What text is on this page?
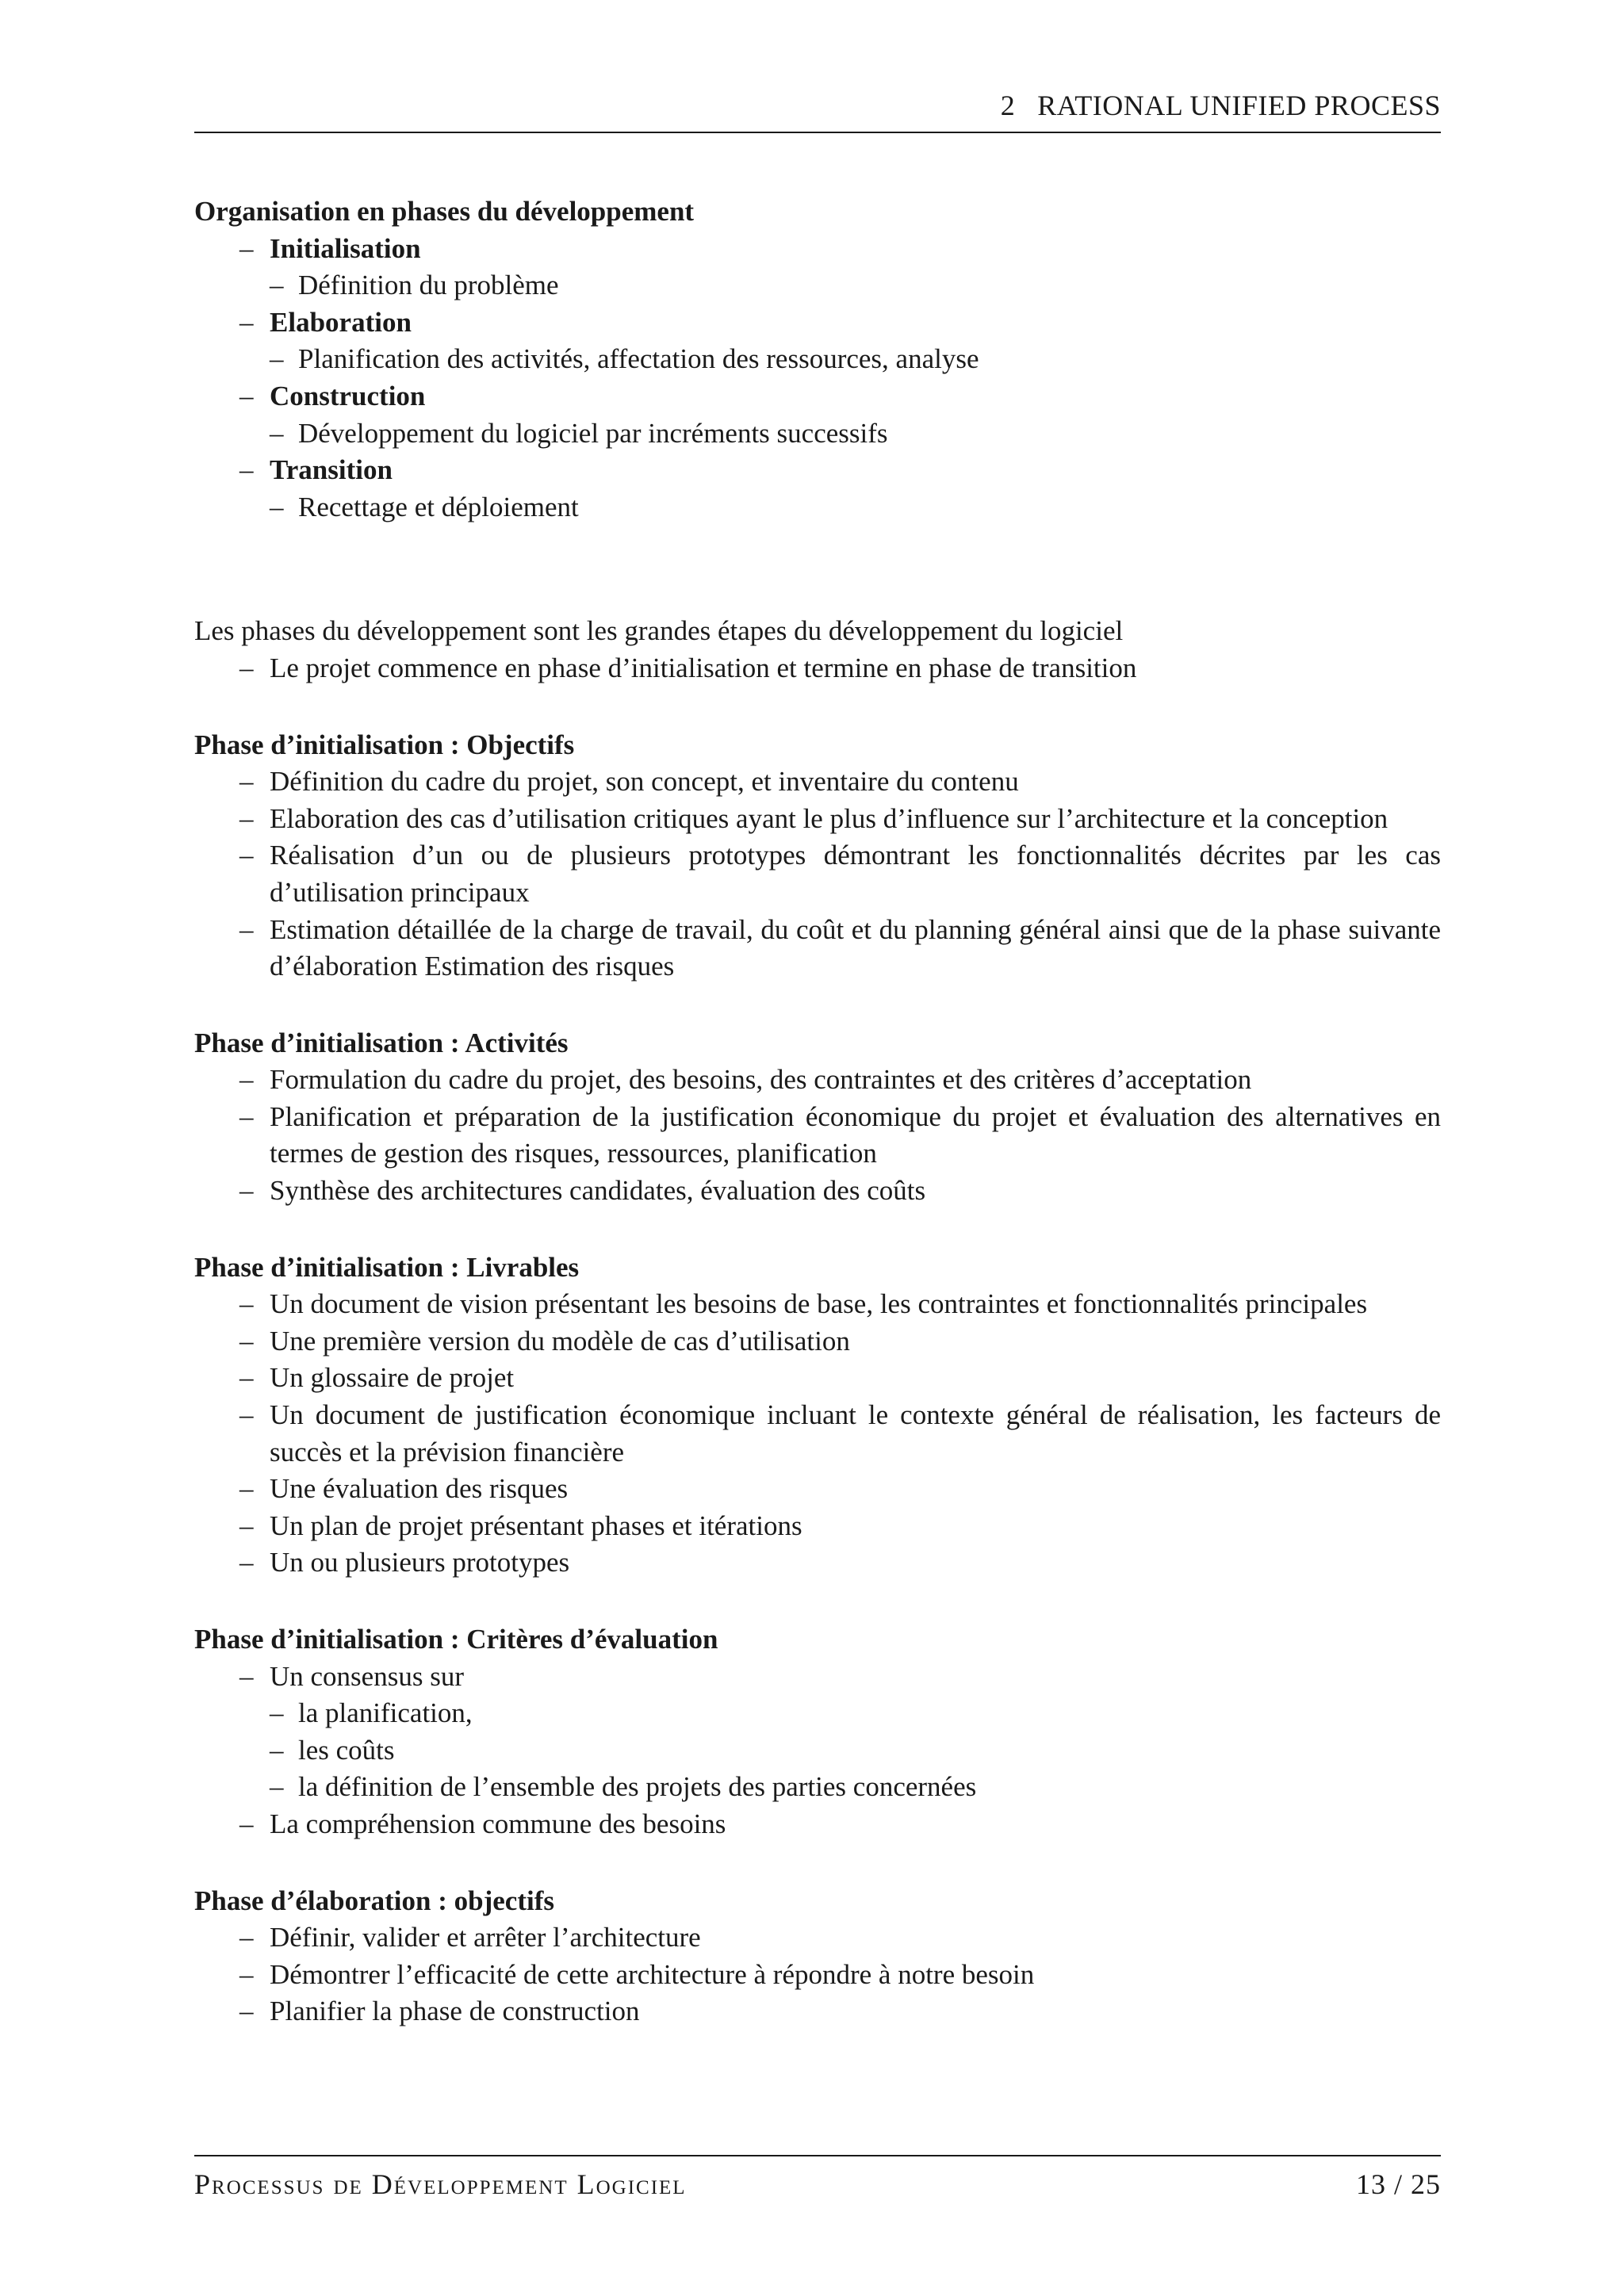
2 RATIONAL UNIFIED PROCESS

Organisation en phases du développement

– Initialisation
– Définition du problème
– Elaboration
– Planification des activités, affectation des ressources, analyse
– Construction
– Développement du logiciel par incréments successifs
– Transition
– Recettage et déploiement

Les phases du développement sont les grandes étapes du développement du logiciel

– Le projet commence en phase d’initialisation et termine en phase de transition

Phase d’initialisation : Objectifs

– Définition du cadre du projet, son concept, et inventaire du contenu
– Elaboration des cas d’utilisation critiques ayant le plus d’influence sur l’architecture et la conception
– Réalisation d’un ou de plusieurs prototypes démontrant les fonctionnalités décrites par les cas d’utilisation principaux
– Estimation détaillée de la charge de travail, du coût et du planning général ainsi que de la phase suivante d’élaboration Estimation des risques

Phase d’initialisation : Activités

– Formulation du cadre du projet, des besoins, des contraintes et des critères d’acceptation
– Planification et préparation de la justification économique du projet et évaluation des alternatives en termes de gestion des risques, ressources, planification
– Synthèse des architectures candidates, évaluation des coûts

Phase d’initialisation : Livrables

– Un document de vision présentant les besoins de base, les contraintes et fonctionnalités principales
– Une première version du modèle de cas d’utilisation
– Un glossaire de projet
– Un document de justification économique incluant le contexte général de réalisation, les facteurs de succès et la prévision financière
– Une évaluation des risques
– Un plan de projet présentant phases et itérations
– Un ou plusieurs prototypes

Phase d’initialisation : Critères d’évaluation

– Un consensus sur
– la planification,
– les coûts
– la définition de l’ensemble des projets des parties concernées
– La compréhension commune des besoins

Phase d’élaboration : objectifs

– Définir, valider et arrêter l’architecture
– Démontrer l’efficacité de cette architecture à répondre à notre besoin
– Planifier la phase de construction
Processus de Développement Logiciel	13 / 25
